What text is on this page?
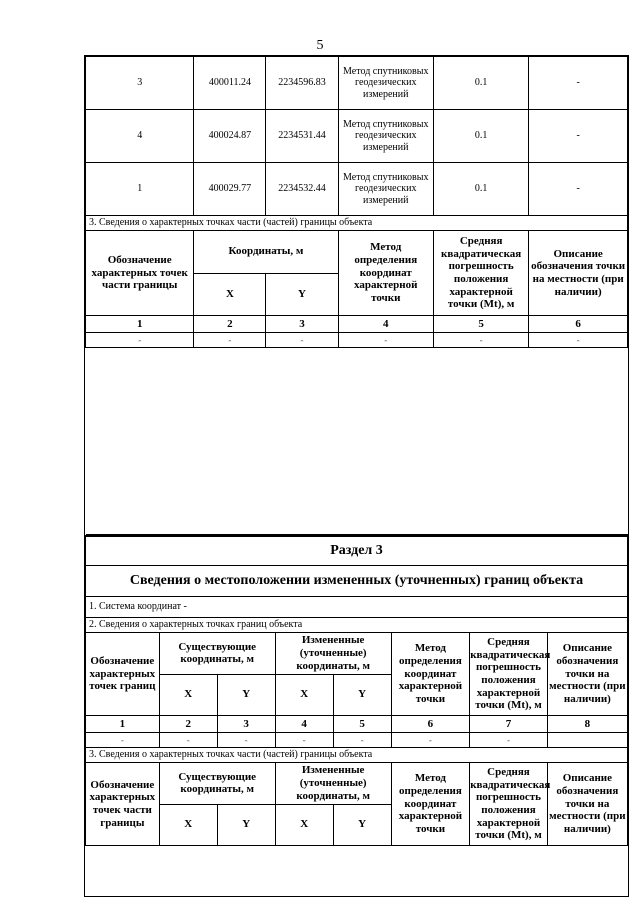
5
3	400011.24	2234596.83	Метод спутниковых геодезических измерений	0.1	-
4	400024.87	2234531.44	Метод спутниковых геодезических измерений	0.1	-
1	400029.77	2234532.44	Метод спутниковых геодезических измерений	0.1	-
3. Сведения о характерных точках части (частей) границы объекта					
Обозначение характерных точек части границы	Координаты, м		Метод определения координат характерной точки	Средняя квадратическая погрешность положения характерной точки (Mt), м	Описание обозначения точки на местности (при наличии)
	X	Y			
1	2	3	4	5	6
-	-	-	-	-	-

Раздел 3							
Сведения о местоположении измененных (уточненных) границ объекта							
1. Система координат -							
2. Сведения о характерных точках границ объекта							
Обозначение характерных точек границ	Существующие координаты, м		Измененные (уточненные) координаты, м		Метод определения координат характерной точки	Средняя квадратическая погрешность положения характерной точки (Mt), м	Описание обозначения точки на местности (при наличии)
	X	Y	X	Y			
1	2	3	4	5	6	7	8
-	-	-	-	-	-	-	
3. Сведения о характерных точках части (частей) границы объекта							
Обозначение характерных точек части границы	Существующие координаты, м		Измененные (уточненные) координаты, м		Метод определения координат характерной точки	Средняя квадратическая погрешность положения характерной точки (Mt), м	Описание обозначения точки на местности (при наличии)
	X	Y	X	Y			
